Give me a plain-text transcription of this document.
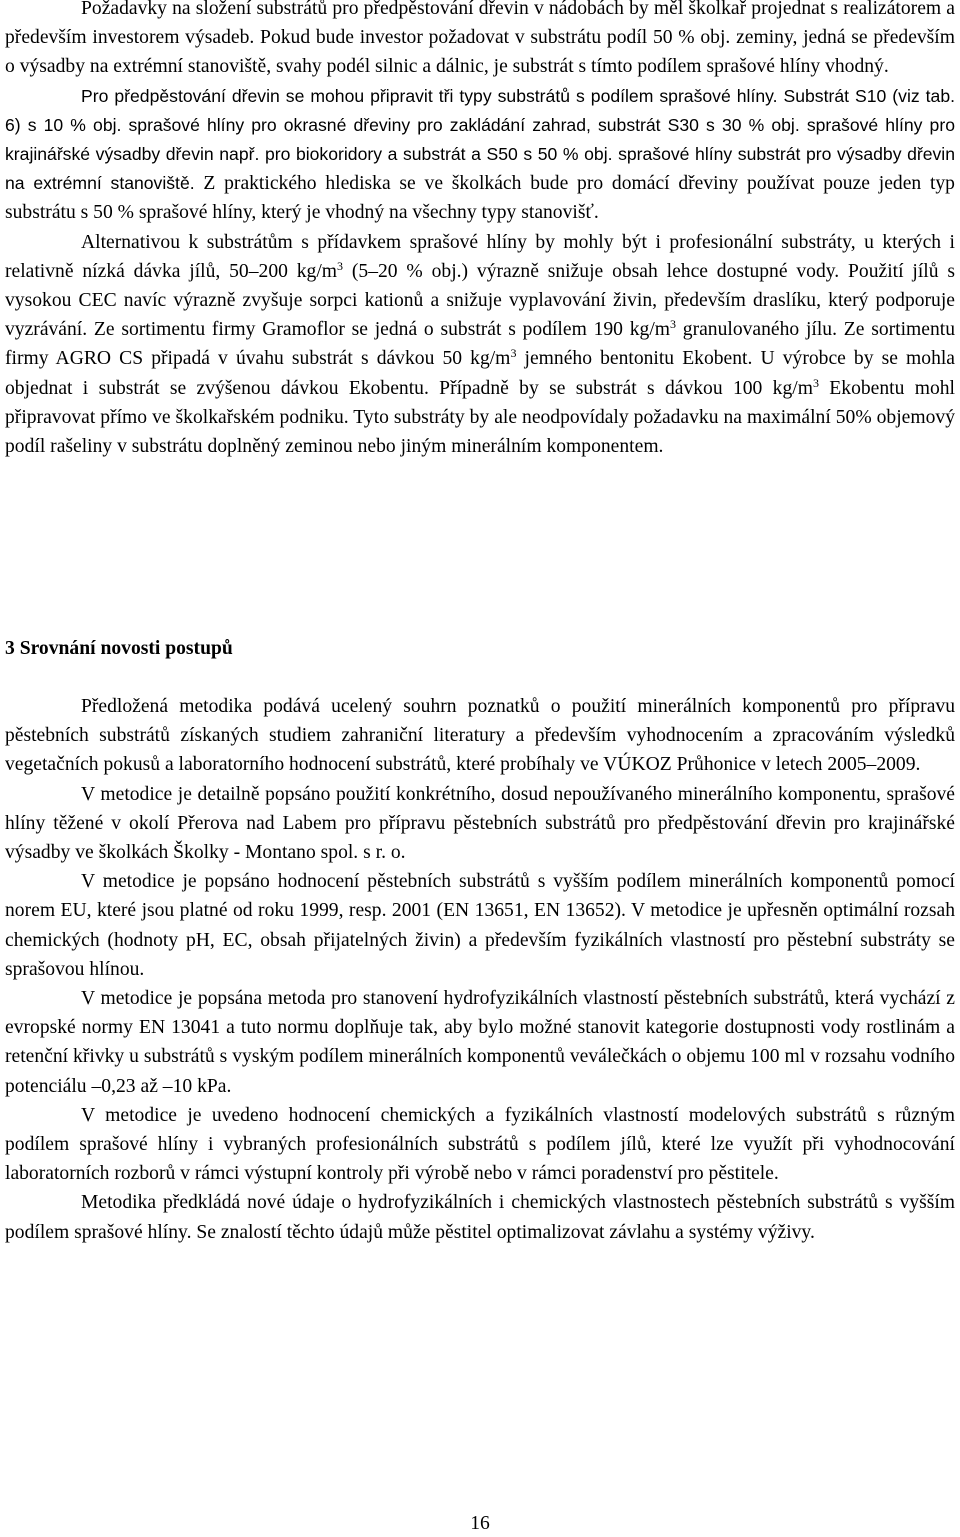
Požadavky na složení substrátů pro předpěstování dřevin v nádobách by měl školkař projednat s realizátorem a především investorem výsadeb. Pokud bude investor požadovat v substrátu podíl 50 % obj. zeminy, jedná se především o výsadby na extrémní stanoviště, svahy podél silnic a dálnic, je substrát s tímto podílem sprašové hlíny vhodný.

Pro předpěstování dřevin se mohou připravit tři typy substrátů s podílem sprašové hlíny. Substrát S10 (viz tab. 6) s 10 % obj. sprašové hlíny pro okrasné dřeviny pro zakládání zahrad, substrát S30 s 30 % obj. sprašové hlíny pro krajinářské výsadby dřevin např. pro biokoridory a substrát a S50 s 50 % obj. sprašové hlíny substrát pro výsadby dřevin na extrémní stanoviště. Z praktického hlediska se ve školkách bude pro domácí dřeviny používat pouze jeden typ substrátu s 50 % sprašové hlíny, který je vhodný na všechny typy stanovišť.

Alternativou k substrátům s přídavkem sprašové hlíny by mohly být i profesionální substráty, u kterých i relativně nízká dávka jílů, 50–200 $kg/m^3$ (5–20 % obj.) výrazně snižuje obsah lehce dostupné vody. Použití jílů s vysokou CEC navíc výrazně zvyšuje sorpci kationů a snižuje vyplavování živin, především draslíku, který podporuje vyzrávání. Ze sortimentu firmy Gramoflor se jedná o substrát s podílem 190 $kg/m^3$ granulovaného jílu. Ze sortimentu firmy AGRO CS připadá v úvahu substrát s dávkou 50 $kg/m^3$ jemného bentonitu Ekobent. U výrobce by se mohla objednat i substrát se zvýšenou dávkou Ekobentu. Případně by se substrát s dávkou 100 $kg/m^3$ Ekobentu mohl připravovat přímo ve školkařském podniku. Tyto substráty by ale neodpovídaly požadavku na maximální 50% objemový podíl rašeliny v substrátu doplněný zeminou nebo jiným minerálním komponentem.

3 Srovnání novosti postupů

Předložená metodika podává ucelený souhrn poznatků o použití minerálních komponentů pro přípravu pěstebních substrátů získaných studiem zahraniční literatury a především vyhodnocením a zpracováním výsledků vegetačních pokusů a laboratorního hodnocení substrátů, které probíhaly ve VÚKOZ Průhonice v letech 2005–2009.

V metodice je detailně popsáno použití konkrétního, dosud nepoužívaného minerálního komponentu, sprašové hlíny těžené v okolí Přerova nad Labem pro přípravu pěstebních substrátů pro předpěstování dřevin pro krajinářské výsadby ve školkách Školky - Montano spol. s r. o.

V metodice je popsáno hodnocení pěstebních substrátů s vyšším podílem minerálních komponentů pomocí norem EU, které jsou platné od roku 1999, resp. 2001 (EN 13651, EN 13652). V metodice je upřesněn optimální rozsah chemických (hodnoty pH, EC, obsah přijatelných živin) a především fyzikálních vlastností pro pěstební substráty se sprašovou hlínou.

V metodice je popsána metoda pro stanovení hydrofyzikálních vlastností pěstebních substrátů, která vychází z evropské normy EN 13041 a tuto normu doplňuje tak, aby bylo možné stanovit kategorie dostupnosti vody rostlinám a retenční křivky u substrátů s vyským podílem minerálních komponentů veválečkách o objemu 100 ml v rozsahu vodního potenciálu –0,23 až –10 kPa.

V metodice je uvedeno hodnocení chemických a fyzikálních vlastností modelových substrátů s různým podílem sprašové hlíny i vybraných profesionálních substrátů s podílem jílů, které lze využít při vyhodnocování laboratorních rozborů v rámci výstupní kontroly při výrobě nebo v rámci poradenství pro pěstitele.

Metodika předkládá nové údaje o hydrofyzikálních i chemických vlastnostech pěstebních substrátů s vyšším podílem sprašové hlíny. Se znalostí těchto údajů může pěstitel optimalizovat závlahu a systémy výživy.

16
